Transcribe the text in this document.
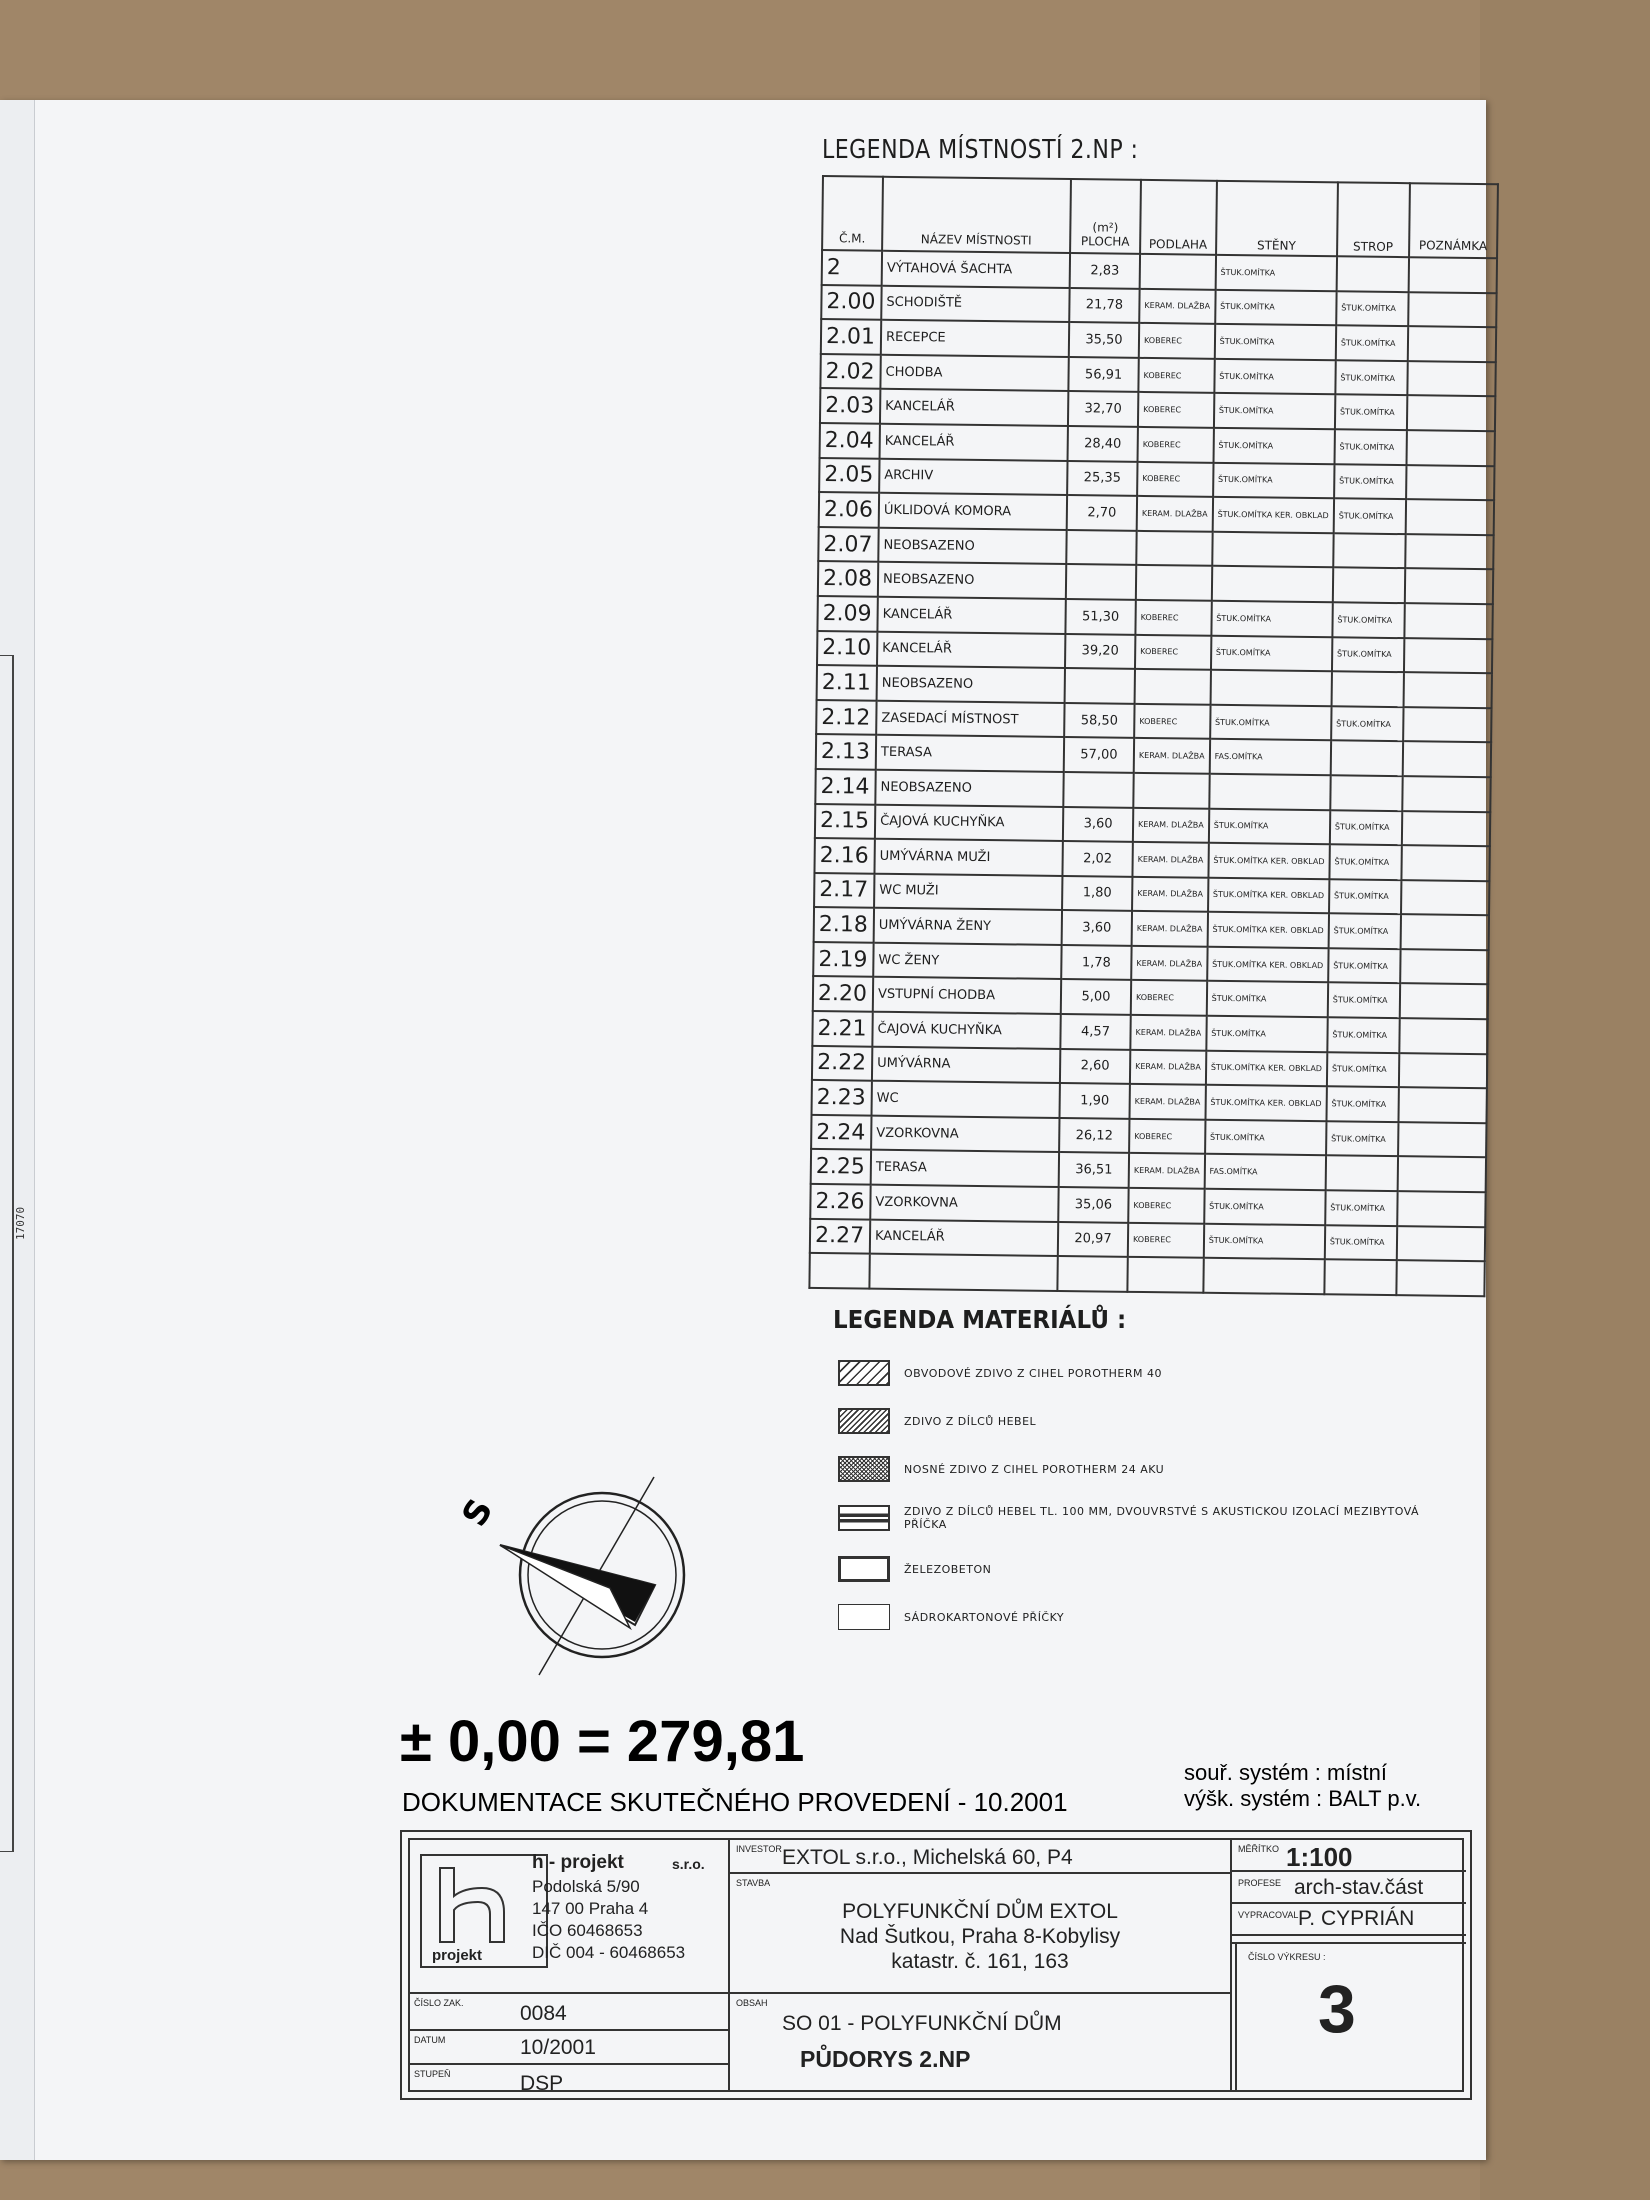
17070
LEGENDA MÍSTNOSTÍ 2.NP :
Č.M.	NÁZEV MÍSTNOSTI	(m²)
PLOCHA	PODLAHA	STĚNY	STROP	POZNÁMKA
2	VÝTAHOVÁ ŠACHTA	2,83		ŠTUK.OMÍTKA		
2.00	SCHODIŠTĚ	21,78	KERAM. DLAŽBA	ŠTUK.OMÍTKA	ŠTUK.OMÍTKA	
2.01	RECEPCE	35,50	KOBEREC	ŠTUK.OMÍTKA	ŠTUK.OMÍTKA	
2.02	CHODBA	56,91	KOBEREC	ŠTUK.OMÍTKA	ŠTUK.OMÍTKA	
2.03	KANCELÁŘ	32,70	KOBEREC	ŠTUK.OMÍTKA	ŠTUK.OMÍTKA	
2.04	KANCELÁŘ	28,40	KOBEREC	ŠTUK.OMÍTKA	ŠTUK.OMÍTKA	
2.05	ARCHIV	25,35	KOBEREC	ŠTUK.OMÍTKA	ŠTUK.OMÍTKA	
2.06	ÚKLIDOVÁ KOMORA	2,70	KERAM. DLAŽBA	ŠTUK.OMÍTKA KER. OBKLAD	ŠTUK.OMÍTKA	
2.07	NEOBSAZENO					
2.08	NEOBSAZENO					
2.09	KANCELÁŘ	51,30	KOBEREC	ŠTUK.OMÍTKA	ŠTUK.OMÍTKA	
2.10	KANCELÁŘ	39,20	KOBEREC	ŠTUK.OMÍTKA	ŠTUK.OMÍTKA	
2.11	NEOBSAZENO					
2.12	ZASEDACÍ MÍSTNOST	58,50	KOBEREC	ŠTUK.OMÍTKA	ŠTUK.OMÍTKA	
2.13	TERASA	57,00	KERAM. DLAŽBA	FAS.OMÍTKA		
2.14	NEOBSAZENO					
2.15	ČAJOVÁ KUCHYŇKA	3,60	KERAM. DLAŽBA	ŠTUK.OMÍTKA	ŠTUK.OMÍTKA	
2.16	UMÝVÁRNA MUŽI	2,02	KERAM. DLAŽBA	ŠTUK.OMÍTKA KER. OBKLAD	ŠTUK.OMÍTKA	
2.17	WC MUŽI	1,80	KERAM. DLAŽBA	ŠTUK.OMÍTKA KER. OBKLAD	ŠTUK.OMÍTKA	
2.18	UMÝVÁRNA ŽENY	3,60	KERAM. DLAŽBA	ŠTUK.OMÍTKA KER. OBKLAD	ŠTUK.OMÍTKA	
2.19	WC ŽENY	1,78	KERAM. DLAŽBA	ŠTUK.OMÍTKA KER. OBKLAD	ŠTUK.OMÍTKA	
2.20	VSTUPNÍ CHODBA	5,00	KOBEREC	ŠTUK.OMÍTKA	ŠTUK.OMÍTKA	
2.21	ČAJOVÁ KUCHYŇKA	4,57	KERAM. DLAŽBA	ŠTUK.OMÍTKA	ŠTUK.OMÍTKA	
2.22	UMÝVÁRNA	2,60	KERAM. DLAŽBA	ŠTUK.OMÍTKA KER. OBKLAD	ŠTUK.OMÍTKA	
2.23	WC	1,90	KERAM. DLAŽBA	ŠTUK.OMÍTKA KER. OBKLAD	ŠTUK.OMÍTKA	
2.24	VZORKOVNA	26,12	KOBEREC	ŠTUK.OMÍTKA	ŠTUK.OMÍTKA	
2.25	TERASA	36,51	KERAM. DLAŽBA	FAS.OMÍTKA		
2.26	VZORKOVNA	35,06	KOBEREC	ŠTUK.OMÍTKA	ŠTUK.OMÍTKA	
2.27	KANCELÁŘ	20,97	KOBEREC	ŠTUK.OMÍTKA	ŠTUK.OMÍTKA	

LEGENDA MATERIÁLŮ :
OBVODOVÉ ZDIVO Z CIHEL POROTHERM 40
ZDIVO Z DÍLCŮ HEBEL
NOSNÉ ZDIVO Z CIHEL POROTHERM 24 AKU
ZDIVO Z DÍLCŮ HEBEL TL. 100 MM, DVOUVRSTVÉ S AKUSTICKOU IZOLACÍ MEZIBYTOVÁ PŘÍČKA
ŽELEZOBETON
SÁDROKARTONOVÉ PŘÍČKY
S
± 0,00 = 279,81
DOKUMENTACE SKUTEČNÉHO PROVEDENÍ - 10.2001
souř. systém : místní
výšk. systém : BALT p.v.
projekt
h - projekt	s.r.o.
Podolská 5/90
147 00 Praha 4
IČO 60468653
DIČ 004 - 60468653
ČÍSLO ZAK.	0084
DATUM	10/2001
STUPEŇ	DSP
INVESTOR EXTOL s.r.o., Michelská 60, P4
STAVBA
POLYFUNKČNÍ DŮM EXTOL
Nad Šutkou, Praha 8-Kobylisy
katastr. č. 161, 163
OBSAH
SO 01 - POLYFUNKČNÍ DŮM
PŮDORYS 2.NP
MĚŘÍTKO 1:100
PROFESE arch-stav.část
VYPRACOVAL P. CYPRIÁN
ČÍSLO VÝKRESU :
3
